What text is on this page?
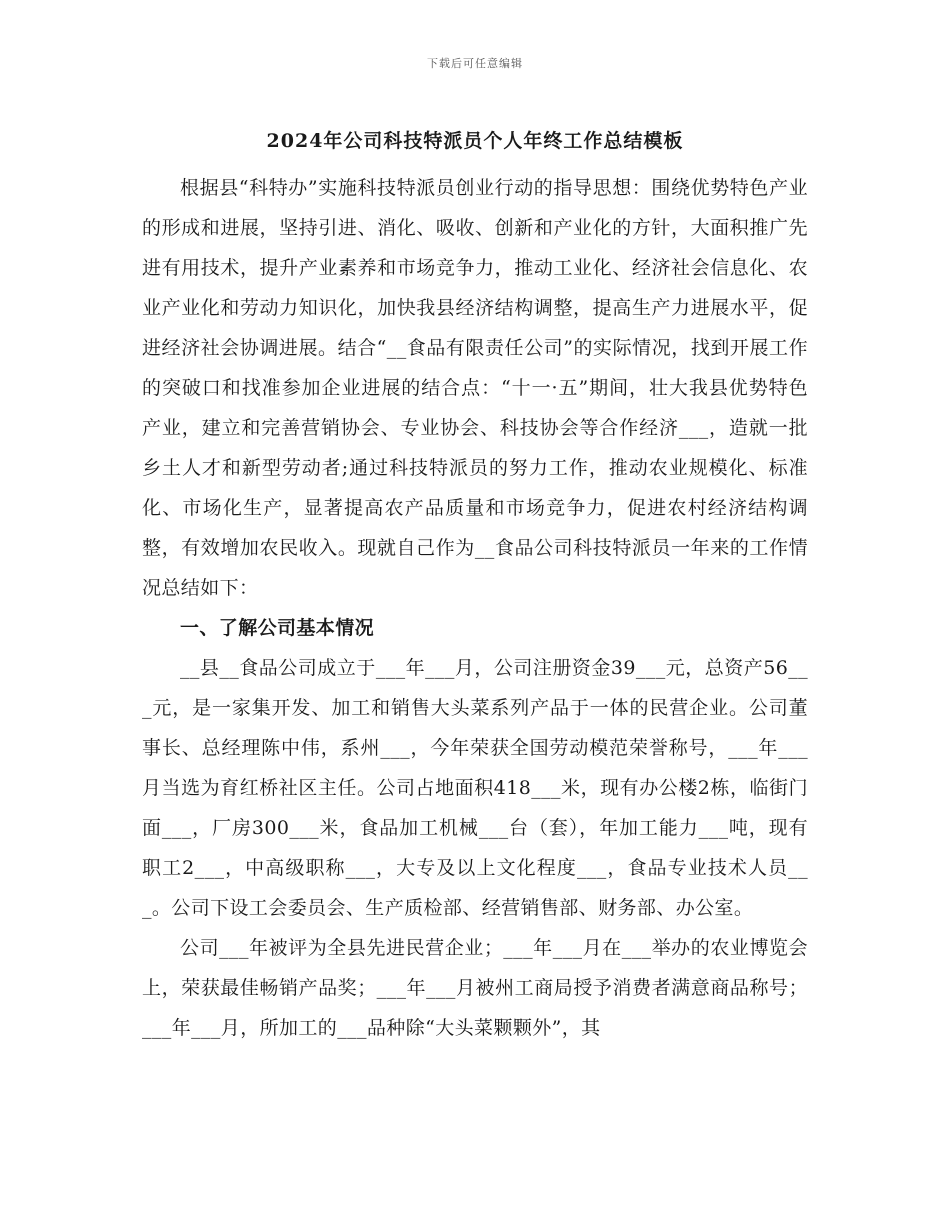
下载后可任意编辑
2024年公司科技特派员个人年终工作总结模板

根据县“科特办”实施科技特派员创业行动的指导思想：围绕优势特色产业的形成和进展，坚持引进、消化、吸收、创新和产业化的方针，大面积推广先进有用技术，提升产业素养和市场竞争力，推动工业化、经济社会信息化、农业产业化和劳动力知识化，加快我县经济结构调整，提高生产力进展水平，促进经济社会协调进展。结合“__食品有限责任公司”的实际情况，找到开展工作的突破口和找准参加企业进展的结合点：“十一·五”期间，壮大我县优势特色产业，建立和完善营销协会、专业协会、科技协会等合作经济___，造就一批乡土人才和新型劳动者;通过科技特派员的努力工作，推动农业规模化、标准化、市场化生产，显著提高农产品质量和市场竞争力，促进农村经济结构调整，有效增加农民收入。现就自己作为__食品公司科技特派员一年来的工作情况总结如下：

一、了解公司基本情况

__县__食品公司成立于___年___月，公司注册资金39___元，总资产56___元，是一家集开发、加工和销售大头菜系列产品于一体的民营企业。公司董事长、总经理陈中伟，系州___，今年荣获全国劳动模范荣誉称号，___年___月当选为育红桥社区主任。公司占地面积418___米，现有办公楼2栋，临街门面___，厂房300___米，食品加工机械___台（套），年加工能力___吨，现有职工2___，中高级职称___，大专及以上文化程度___，食品专业技术人员___。公司下设工会委员会、生产质检部、经营销售部、财务部、办公室。

公司___年被评为全县先进民营企业；___年___月在___举办的农业博览会上，荣获最佳畅销产品奖；___年___月被州工商局授予消费者满意商品称号；___年___月，所加工的___品种除“大头菜颗颗外”，其
